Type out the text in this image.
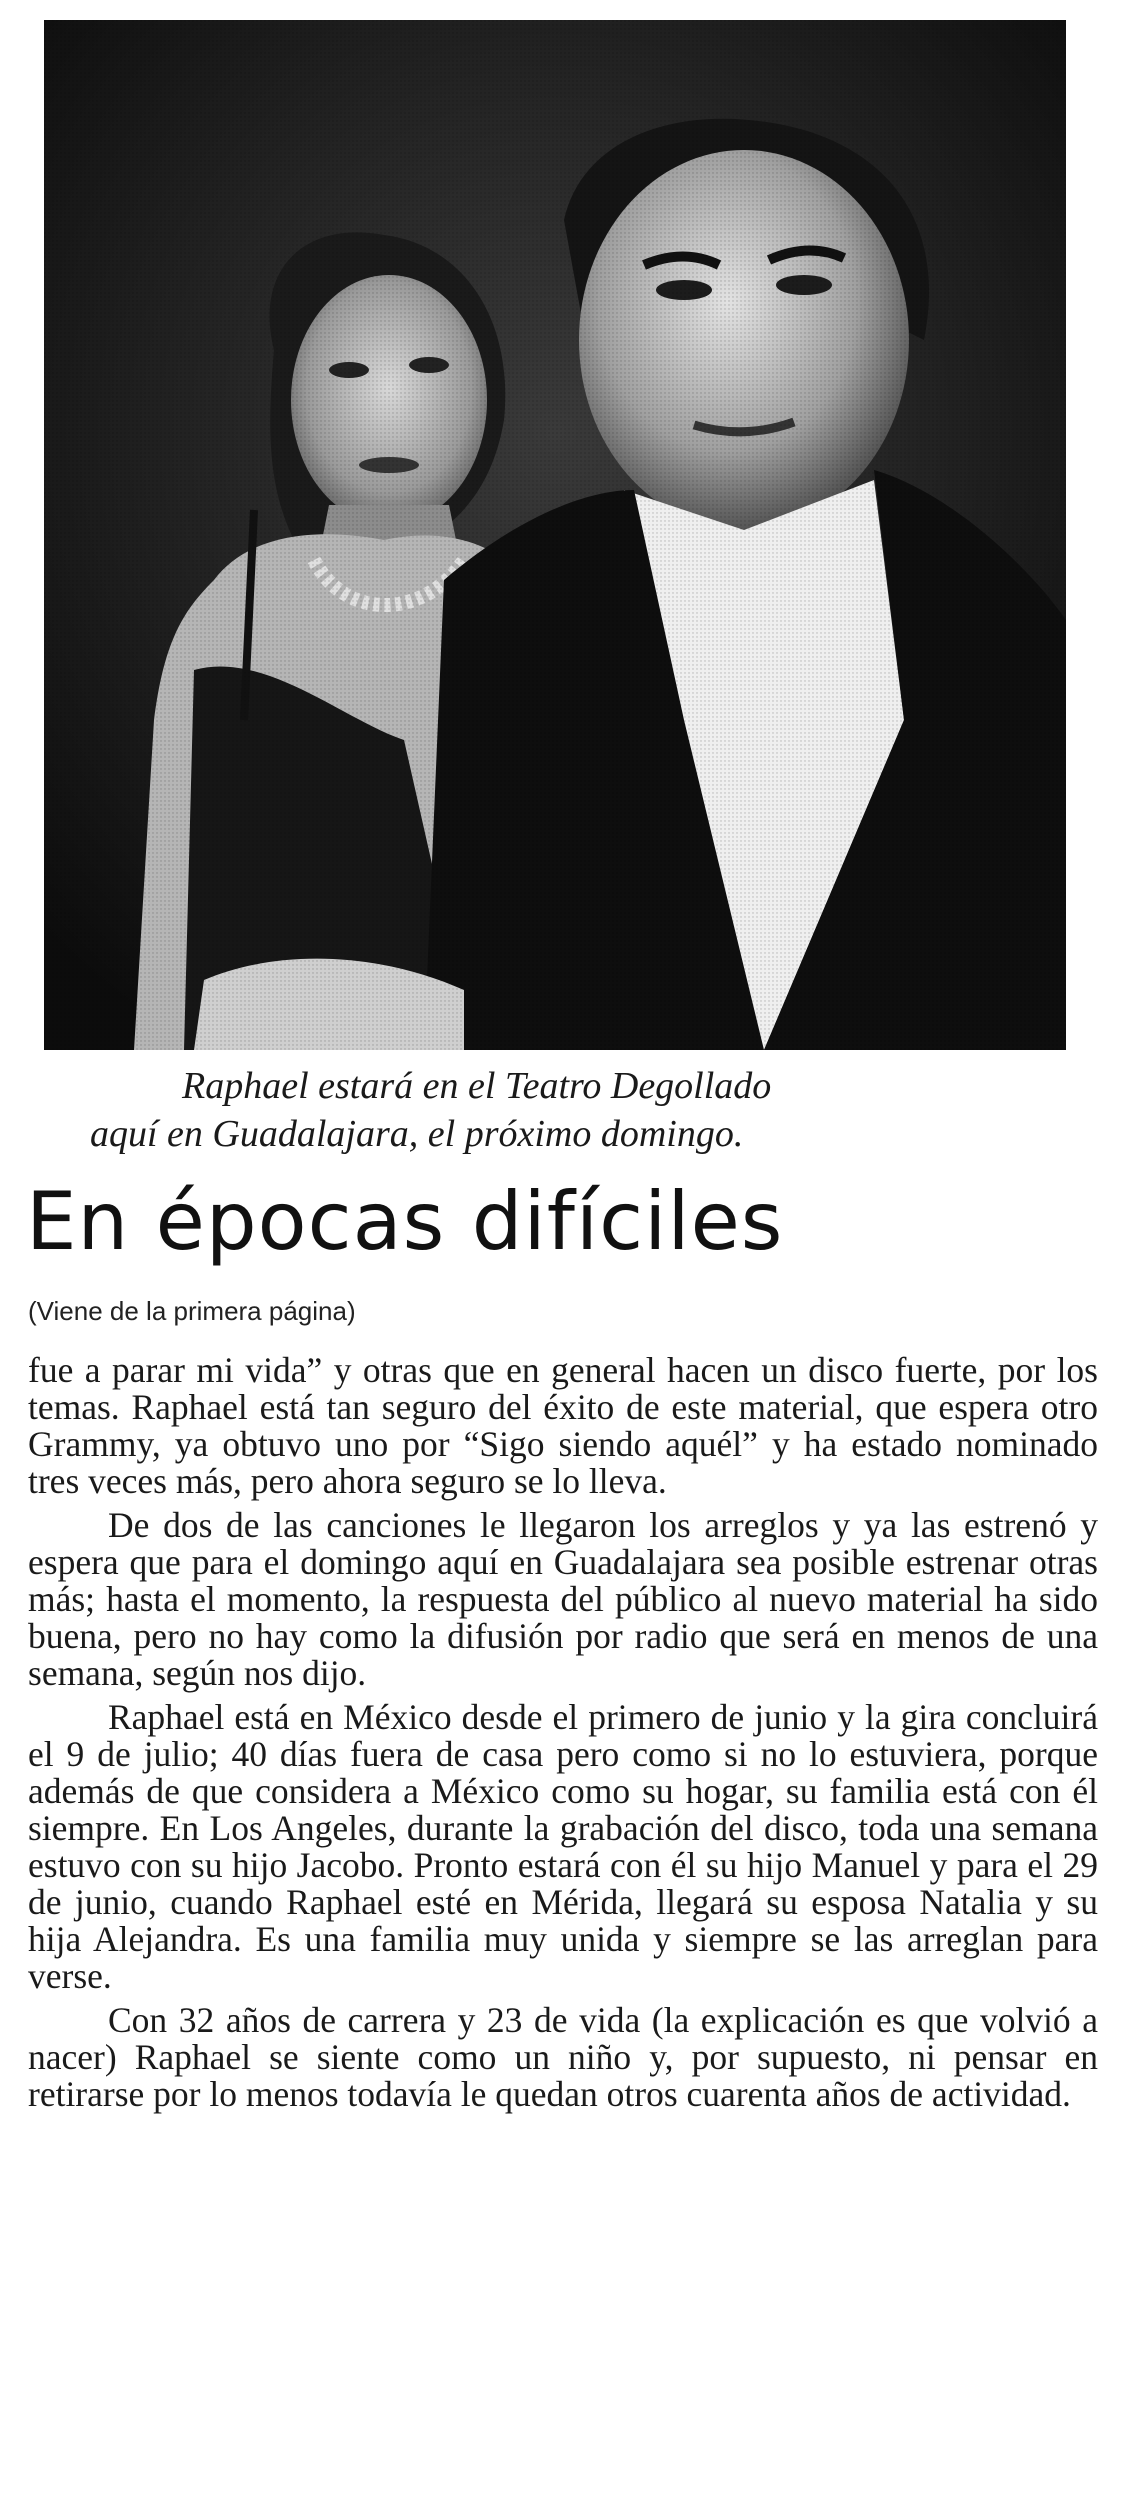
Raphael estará en el Teatro Degollado
aquí en Guadalajara, el próximo domingo.
En épocas difíciles
(Viene de la primera página)

fue a parar mi vida” y otras que en general hacen un disco fuerte, por los temas. Raphael está tan seguro del éxito de este material, que espera otro Grammy, ya obtuvo uno por “Sigo siendo aquél” y ha estado nominado tres veces más, pero ahora seguro se lo lleva.

De dos de las canciones le llegaron los arreglos y ya las estrenó y espera que para el domingo aquí en Guadalajara sea posible estrenar otras más; hasta el momento, la respuesta del público al nuevo material ha sido buena, pero no hay como la difusión por radio que será en menos de una semana, según nos dijo.

Raphael está en México desde el primero de junio y la gira concluirá el 9 de julio; 40 días fuera de casa pero como si no lo estuviera, porque además de que considera a México como su hogar, su familia está con él siempre. En Los Angeles, durante la grabación del disco, toda una semana estuvo con su hijo Jacobo. Pronto estará con él su hijo Manuel y para el 29 de junio, cuando Raphael esté en Mérida, llegará su esposa Natalia y su hija Alejandra. Es una familia muy unida y siempre se las arreglan para verse.

Con 32 años de carrera y 23 de vida (la explicación es que volvió a nacer) Raphael se siente como un niño y, por supuesto, ni pensar en retirarse por lo menos todavía le quedan otros cuarenta años de actividad.
